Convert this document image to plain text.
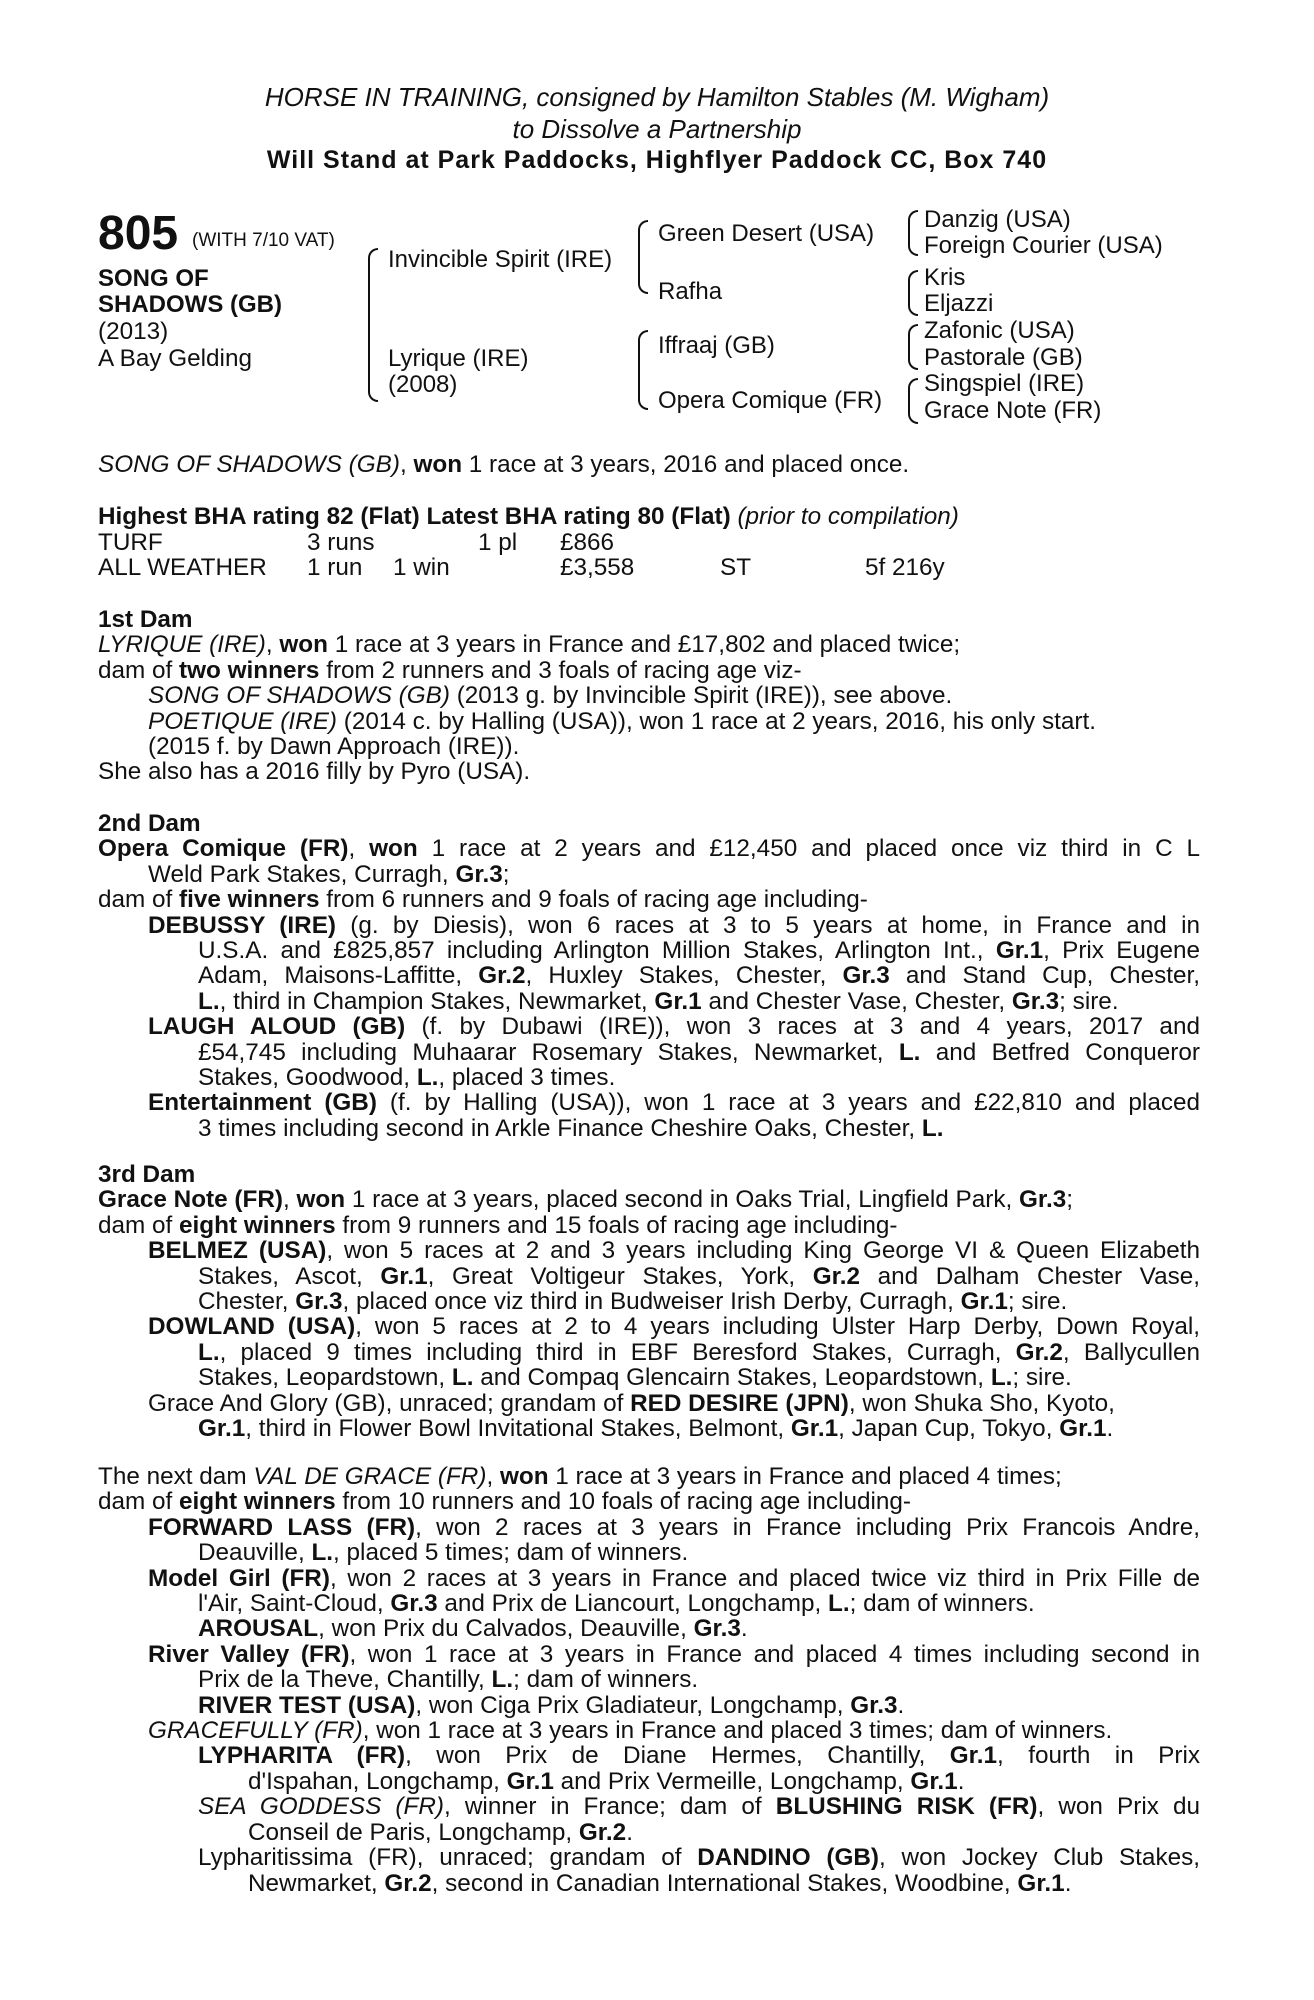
HORSE IN TRAINING, consigned by Hamilton Stables (M. Wigham)
to Dissolve a Partnership
Will Stand at Park Paddocks, Highflyer Paddock CC, Box 740
805 (WITH 7/10 VAT)
SONG OF
SHADOWS (GB)
(2013)
A Bay Gelding
Invincible Spirit (IRE)
Lyrique (IRE)
(2008)
Green Desert (USA)
Rafha
Iffraaj (GB)
Opera Comique (FR)
Danzig (USA)
Foreign Courier (USA)
Kris
Eljazzi
Zafonic (USA)
Pastorale (GB)
Singspiel (IRE)
Grace Note (FR)
SONG OF SHADOWS (GB), won 1 race at 3 years, 2016 and placed once.
Highest BHA rating 82 (Flat) Latest BHA rating 80 (Flat) (prior to compilation)
TURF	3 runs	1 pl £866
ALL WEATHER 1 run 1 win	£3,558	ST	5f 216y
1st Dam
LYRIQUE (IRE), won 1 race at 3 years in France and £17,802 and placed twice;
dam of two winners from 2 runners and 3 foals of racing age viz-
SONG OF SHADOWS (GB) (2013 g. by Invincible Spirit (IRE)), see above.
POETIQUE (IRE) (2014 c. by Halling (USA)), won 1 race at 2 years, 2016, his only start.
(2015 f. by Dawn Approach (IRE)).
She also has a 2016 filly by Pyro (USA).
2nd Dam
Opera Comique (FR), won 1 race at 2 years and £12,450 and placed once viz third in C L
Weld Park Stakes, Curragh, Gr.3;
dam of five winners from 6 runners and 9 foals of racing age including-
DEBUSSY (IRE) (g. by Diesis), won 6 races at 3 to 5 years at home, in France and in
U.S.A. and £825,857 including Arlington Million Stakes, Arlington Int., Gr.1, Prix Eugene
Adam, Maisons-Laffitte, Gr.2, Huxley Stakes, Chester, Gr.3 and Stand Cup, Chester,
L., third in Champion Stakes, Newmarket, Gr.1 and Chester Vase, Chester, Gr.3; sire.
LAUGH ALOUD (GB) (f. by Dubawi (IRE)), won 3 races at 3 and 4 years, 2017 and
£54,745 including Muhaarar Rosemary Stakes, Newmarket, L. and Betfred Conqueror
Stakes, Goodwood, L., placed 3 times.
Entertainment (GB) (f. by Halling (USA)), won 1 race at 3 years and £22,810 and placed
3 times including second in Arkle Finance Cheshire Oaks, Chester, L.
3rd Dam
Grace Note (FR), won 1 race at 3 years, placed second in Oaks Trial, Lingfield Park, Gr.3;
dam of eight winners from 9 runners and 15 foals of racing age including-
BELMEZ (USA), won 5 races at 2 and 3 years including King George VI & Queen Elizabeth
Stakes, Ascot, Gr.1, Great Voltigeur Stakes, York, Gr.2 and Dalham Chester Vase,
Chester, Gr.3, placed once viz third in Budweiser Irish Derby, Curragh, Gr.1; sire.
DOWLAND (USA), won 5 races at 2 to 4 years including Ulster Harp Derby, Down Royal,
L., placed 9 times including third in EBF Beresford Stakes, Curragh, Gr.2, Ballycullen
Stakes, Leopardstown, L. and Compaq Glencairn Stakes, Leopardstown, L.; sire.
Grace And Glory (GB), unraced; grandam of RED DESIRE (JPN), won Shuka Sho, Kyoto,
Gr.1, third in Flower Bowl Invitational Stakes, Belmont, Gr.1, Japan Cup, Tokyo, Gr.1.
The next dam VAL DE GRACE (FR), won 1 race at 3 years in France and placed 4 times;
dam of eight winners from 10 runners and 10 foals of racing age including-
FORWARD LASS (FR), won 2 races at 3 years in France including Prix Francois Andre,
Deauville, L., placed 5 times; dam of winners.
Model Girl (FR), won 2 races at 3 years in France and placed twice viz third in Prix Fille de
l'Air, Saint-Cloud, Gr.3 and Prix de Liancourt, Longchamp, L.; dam of winners.
AROUSAL, won Prix du Calvados, Deauville, Gr.3.
River Valley (FR), won 1 race at 3 years in France and placed 4 times including second in
Prix de la Theve, Chantilly, L.; dam of winners.
RIVER TEST (USA), won Ciga Prix Gladiateur, Longchamp, Gr.3.
GRACEFULLY (FR), won 1 race at 3 years in France and placed 3 times; dam of winners.
LYPHARITA (FR), won Prix de Diane Hermes, Chantilly, Gr.1, fourth in Prix
d'Ispahan, Longchamp, Gr.1 and Prix Vermeille, Longchamp, Gr.1.
SEA GODDESS (FR), winner in France; dam of BLUSHING RISK (FR), won Prix du
Conseil de Paris, Longchamp, Gr.2.
Lypharitissima (FR), unraced; grandam of DANDINO (GB), won Jockey Club Stakes,
Newmarket, Gr.2, second in Canadian International Stakes, Woodbine, Gr.1.
